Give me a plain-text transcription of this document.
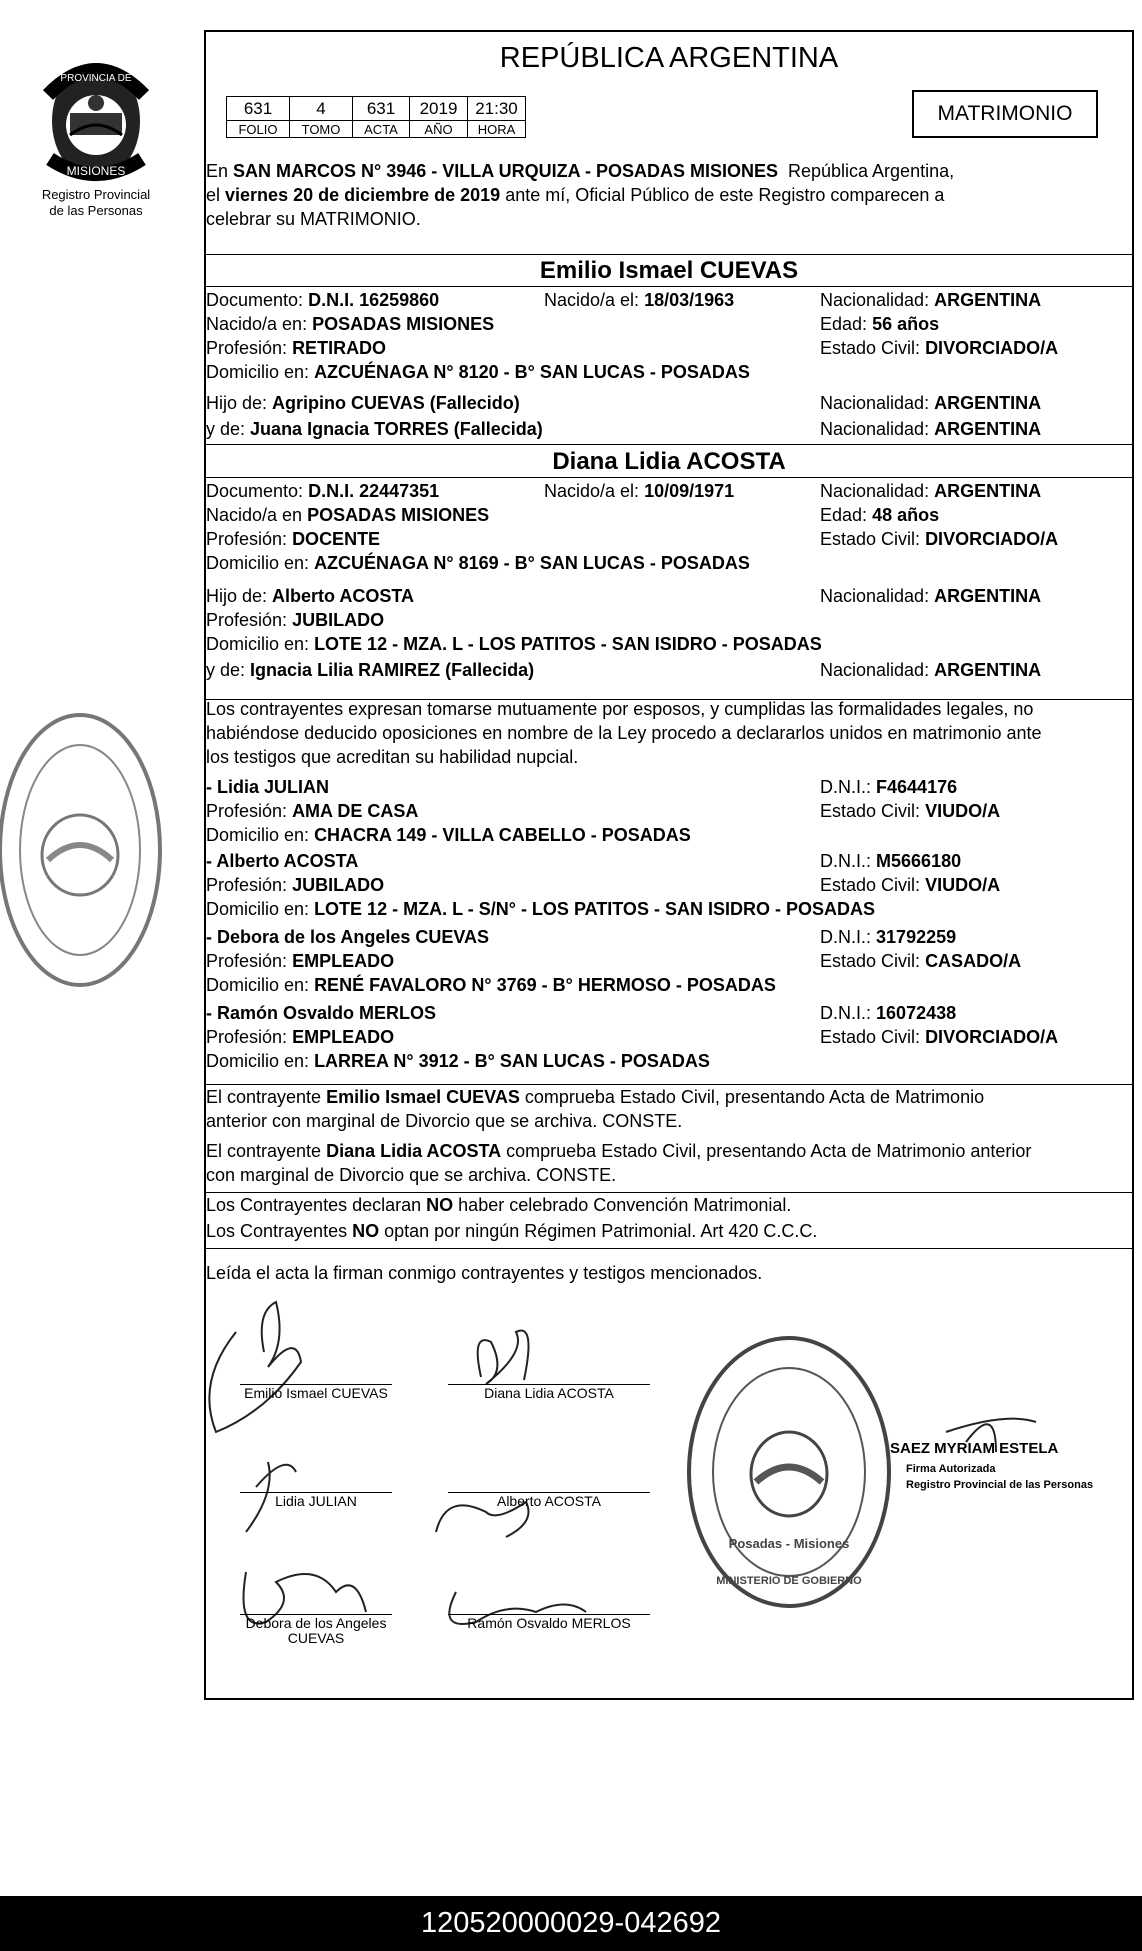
PROVINCIA DE
MISIONES
Registro Provincial
de las Personas
REPÚBLICA ARGENTINA
631	4	631	2019	21:30
FOLIO	TOMO	ACTA	AÑO	HORA
MATRIMONIO
En SAN MARCOS N° 3946 - VILLA URQUIZA - POSADAS MISIONES República Argentina,
el viernes 20 de diciembre de 2019 ante mí, Oficial Público de este Registro comparecen a
celebrar su MATRIMONIO.
Emilio Ismael CUEVAS
Documento: D.N.I. 16259860	Nacido/a el: 18/03/1963	Nacionalidad: ARGENTINA
Nacido/a en: POSADAS MISIONES	Edad: 56 años
Profesión: RETIRADO	Estado Civil: DIVORCIADO/A
Domicilio en: AZCUÉNAGA N° 8120 - B° SAN LUCAS - POSADAS
Hijo de: Agripino CUEVAS (Fallecido)	Nacionalidad: ARGENTINA
y de: Juana Ignacia TORRES (Fallecida)	Nacionalidad: ARGENTINA
Diana Lidia ACOSTA
Documento: D.N.I. 22447351	Nacido/a el: 10/09/1971	Nacionalidad: ARGENTINA
Nacido/a en POSADAS MISIONES	Edad: 48 años
Profesión: DOCENTE	Estado Civil: DIVORCIADO/A
Domicilio en: AZCUÉNAGA N° 8169 - B° SAN LUCAS - POSADAS
Hijo de: Alberto ACOSTA	Nacionalidad: ARGENTINA
Profesión: JUBILADO
Domicilio en: LOTE 12 - MZA. L - LOS PATITOS - SAN ISIDRO - POSADAS
y de: Ignacia Lilia RAMIREZ (Fallecida)	Nacionalidad: ARGENTINA
Los contrayentes expresan tomarse mutuamente por esposos, y cumplidas las formalidades legales, no
habiéndose deducido oposiciones en nombre de la Ley procedo a declararlos unidos en matrimonio ante
los testigos que acreditan su habilidad nupcial.
- Lidia JULIAN	D.N.I.: F4644176
Profesión: AMA DE CASA	Estado Civil: VIUDO/A
Domicilio en: CHACRA 149 - VILLA CABELLO - POSADAS
- Alberto ACOSTA	D.N.I.: M5666180
Profesión: JUBILADO	Estado Civil: VIUDO/A
Domicilio en: LOTE 12 - MZA. L - S/N° - LOS PATITOS - SAN ISIDRO - POSADAS
- Debora de los Angeles CUEVAS	D.N.I.: 31792259
Profesión: EMPLEADO	Estado Civil: CASADO/A
Domicilio en: RENÉ FAVALORO N° 3769 - B° HERMOSO - POSADAS
- Ramón Osvaldo MERLOS	D.N.I.: 16072438
Profesión: EMPLEADO	Estado Civil: DIVORCIADO/A
Domicilio en: LARREA N° 3912 - B° SAN LUCAS - POSADAS
El contrayente Emilio Ismael CUEVAS comprueba Estado Civil, presentando Acta de Matrimonio
anterior con marginal de Divorcio que se archiva. CONSTE.
El contrayente Diana Lidia ACOSTA comprueba Estado Civil, presentando Acta de Matrimonio anterior
con marginal de Divorcio que se archiva. CONSTE.
Los Contrayentes declaran NO haber celebrado Convención Matrimonial.
Los Contrayentes NO optan por ningún Régimen Patrimonial. Art 420 C.C.C.
Leída el acta la firman conmigo contrayentes y testigos mencionados.
Emilio Ismael CUEVAS	Diana Lidia ACOSTA
Lidia JULIAN	Alberto ACOSTA
Debora de los Angeles
CUEVAS
Ramón Osvaldo MERLOS
SAEZ MYRIAM ESTELA
Firma Autorizada
Registro Provincial de las Personas
Posadas - Misiones
MINISTERIO DE GOBIERNO
120520000029-042692
